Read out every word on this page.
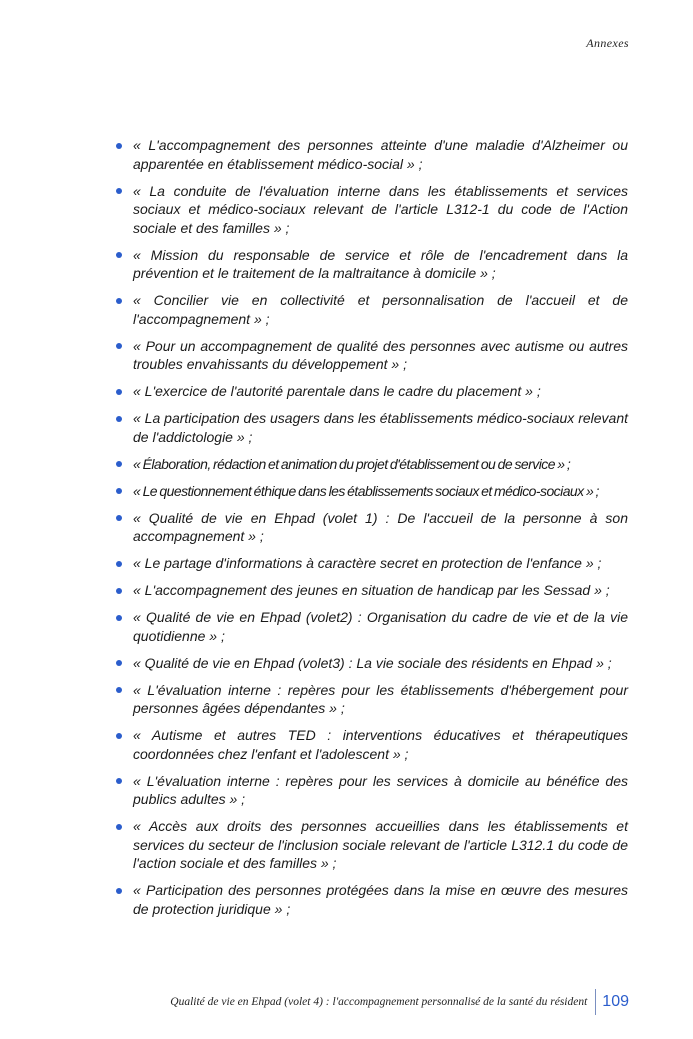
Annexes
« L'accompagnement des personnes atteinte d'une maladie d'Alzheimer ou apparentée en établissement médico-social » ;
« La conduite de l'évaluation interne dans les établissements et services sociaux et médico-sociaux relevant de l'article L312-1 du code de l'Action sociale et des familles » ;
« Mission du responsable de service et rôle de l'encadrement dans la prévention et le traitement de la maltraitance à domicile » ;
« Concilier vie en collectivité et personnalisation de l'accueil et de l'accompagnement » ;
« Pour un accompagnement de qualité des personnes avec autisme ou autres troubles envahissants du développement » ;
« L'exercice de l'autorité parentale dans le cadre du placement » ;
« La participation des usagers dans les établissements médico-sociaux relevant de l'addictologie » ;
« Élaboration, rédaction et animation du projet d'établissement ou de service » ;
« Le questionnement éthique dans les établissements sociaux et médico-sociaux » ;
« Qualité de vie en Ehpad (volet 1) : De l'accueil de la personne à son accompagnement » ;
« Le partage d'informations à caractère secret en protection de l'enfance » ;
« L'accompagnement des jeunes en situation de handicap par les Sessad » ;
« Qualité de vie en Ehpad (volet2) : Organisation du cadre de vie et de la vie quotidienne » ;
« Qualité de vie en Ehpad (volet3) : La vie sociale des résidents en Ehpad » ;
« L'évaluation interne : repères pour les établissements d'hébergement pour personnes âgées dépendantes » ;
« Autisme et autres TED : interventions éducatives et thérapeutiques coordonnées chez l'enfant et l'adolescent » ;
« L'évaluation interne : repères pour les services à domicile au bénéfice des publics adultes » ;
« Accès aux droits des personnes accueillies dans les établissements et services du secteur de l'inclusion sociale relevant de l'article L312.1 du code de l'action sociale et des familles » ;
« Participation des personnes protégées dans la mise en œuvre des mesures de protection juridique » ;
Qualité de vie en Ehpad (volet 4) : l'accompagnement personnalisé de la santé du résident 109
